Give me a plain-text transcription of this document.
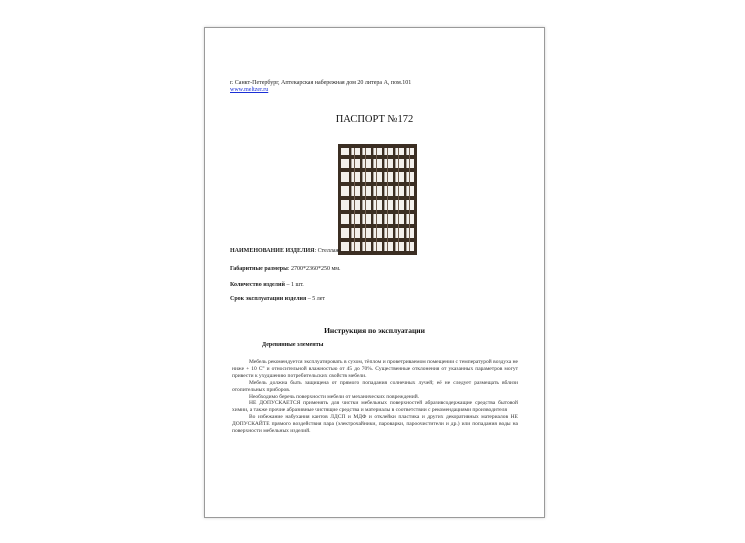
г. Санкт-Петербург, Аптекарская набережная дом 20 литера А, пом.101
www.meltzer.ru
ПАСПОРТ №172
НАИМЕНОВАНИЕ ИЗДЕЛИЯ: Стеллаж.
Габаритные размеры: 2700*2360*250 мм.
Количество изделий – 1 шт.
Срок эксплуатации изделия – 5 лет
Инструкция по эксплуатации
Деревянные элементы

Мебель рекомендуется эксплуатировать в сухом, тёплом и проветриваемом помещении с температурой воздуха не ниже + 10 С° и относительной влажностью от 45 до 70%. Существенные отклонения от указанных параметров могут привести к ухудшению потребительских свойств мебели.

Мебель должна быть защищена от прямого попадания солнечных лучей; её не следует размещать вблизи отопительных приборов.

Необходимо беречь поверхности мебели от механических повреждений.

НЕ ДОПУСКАЕТСЯ применять для чистки мебельных поверхностей абразивсодержащие средства бытовой химии, а также прочие абразивные чистящие средства и материалы в соответствии с рекомендациями производителя

Во избежание набухания кантов ЛДСП и МДФ и отклейки пластика и других декоративных материалов НЕ ДОПУСКАЙТЕ прямого воздействия пара (электрочайники, пароварки, пароочистители и др.) или попадания воды на поверхности мебельных изделий.
